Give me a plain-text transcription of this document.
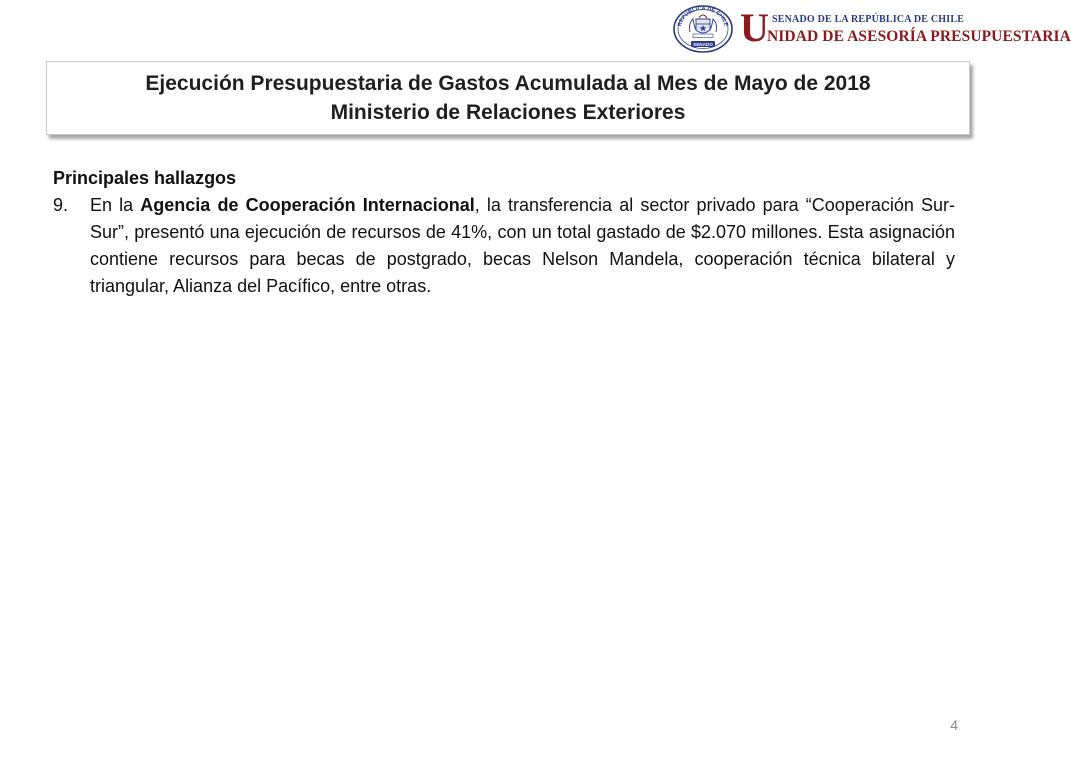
REPÚBLICA DE CHILE
SENADO U SENADO DE LA REPÚBLICA DE CHILE
NIDAD DE ASESORÍA PRESUPUESTARIA
Ejecución Presupuestaria de Gastos Acumulada al Mes de Mayo de 2018
Ministerio de Relaciones Exteriores

Principales hallazgos

9.	En la Agencia de Cooperación Internacional, la transferencia al sector privado para “Cooperación Sur-Sur”, presentó una ejecución de recursos de 41%, con un total gastado de $2.070 millones. Esta asignación contiene recursos para becas de postgrado, becas Nelson Mandela, cooperación técnica bilateral y triangular, Alianza del Pacífico, entre otras.
4
